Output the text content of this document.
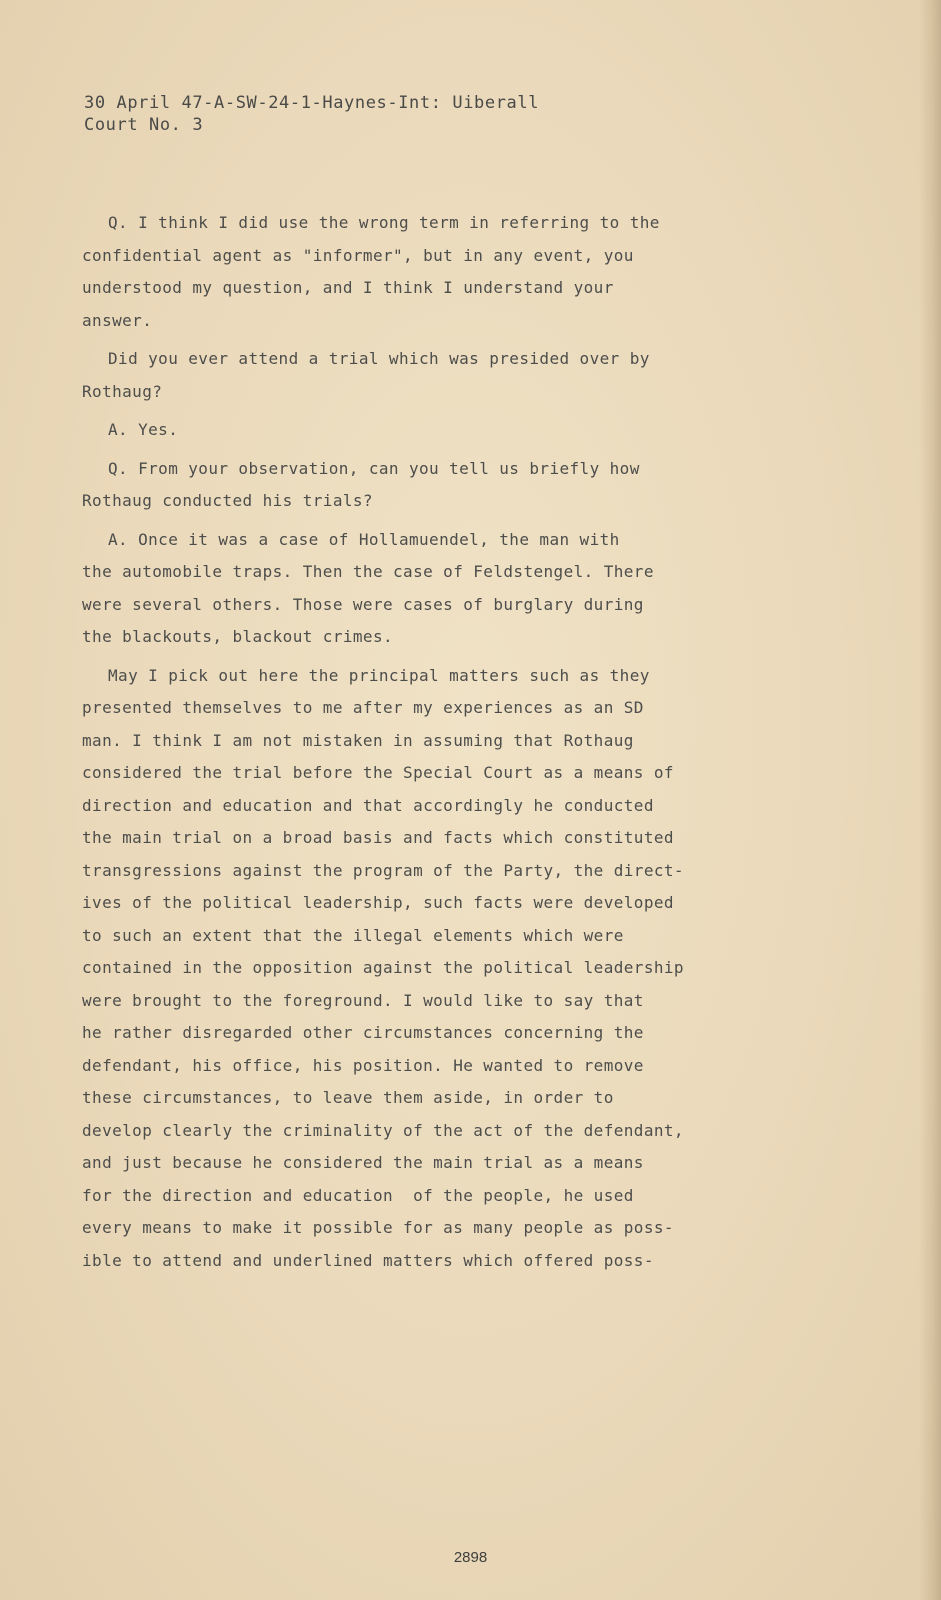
30 April 47-A-SW-24-1-Haynes-Int: Uiberall
Court No. 3
Q. I think I did use the wrong term in referring to the
confidential agent as "informer", but in any event, you
understood my question, and I think I understand your
answer.
Did you ever attend a trial which was presided over by
Rothaug?
A. Yes.
Q. From your observation, can you tell us briefly how
Rothaug conducted his trials?
A. Once it was a case of Hollamuendel, the man with
the automobile traps. Then the case of Feldstengel. There
were several others. Those were cases of burglary during
the blackouts, blackout crimes.
May I pick out here the principal matters such as they
presented themselves to me after my experiences as an SD
man. I think I am not mistaken in assuming that Rothaug
considered the trial before the Special Court as a means of
direction and education and that accordingly he conducted
the main trial on a broad basis and facts which constituted
transgressions against the program of the Party, the direct-
ives of the political leadership, such facts were developed
to such an extent that the illegal elements which were
contained in the opposition against the political leadership
were brought to the foreground. I would like to say that
he rather disregarded other circumstances concerning the
defendant, his office, his position. He wanted to remove
these circumstances, to leave them aside, in order to
develop clearly the criminality of the act of the defendant,
and just because he considered the main trial as a means
for the direction and education  of the people, he used
every means to make it possible for as many people as poss-
ible to attend and underlined matters which offered poss-
2898
